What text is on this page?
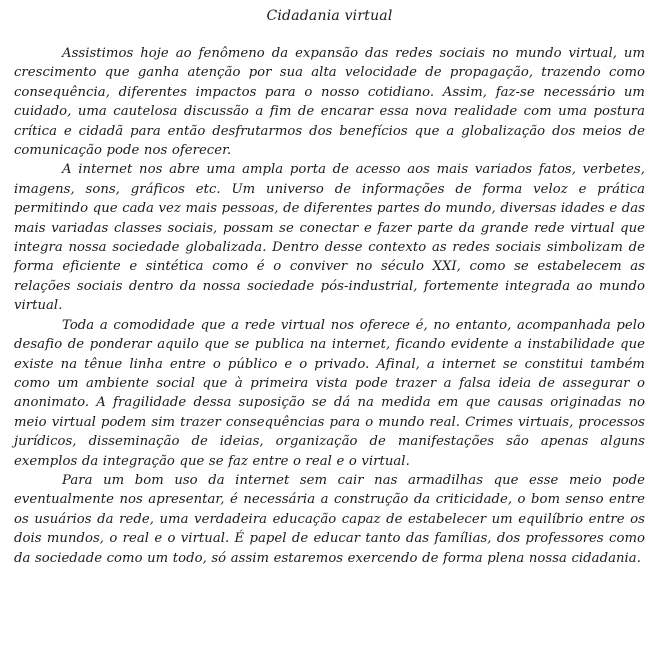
Cidadania virtual

Assistimos hoje ao fenômeno da expansão das redes sociais no mundo virtual, um crescimento que ganha atenção por sua alta velocidade de propagação, trazendo como consequência, diferentes impactos para o nosso cotidiano. Assim, faz-se necessário um cuidado, uma cautelosa discussão a fim de encarar essa nova realidade com uma postura crítica e cidadã para então desfrutarmos dos benefícios que a globalização dos meios de comunicação pode nos oferecer.

A internet nos abre uma ampla porta de acesso aos mais variados fatos, verbetes, imagens, sons, gráficos etc. Um universo de informações de forma veloz e prática permitindo que cada vez mais pessoas, de diferentes partes do mundo, diversas idades e das mais variadas classes sociais, possam se conectar e fazer parte da grande rede virtual que integra nossa sociedade globalizada. Dentro desse contexto as redes sociais simbolizam de forma eficiente e sintética como é o conviver no século XXI, como se estabelecem as relações sociais dentro da nossa sociedade pós-industrial, fortemente integrada ao mundo virtual.

Toda a comodidade que a rede virtual nos oferece é, no entanto, acompanhada pelo desafio de ponderar aquilo que se publica na internet, ficando evidente a instabilidade que existe na tênue linha entre o público e o privado. Afinal, a internet se constitui também como um ambiente social que à primeira vista pode trazer a falsa ideia de assegurar o anonimato. A fragilidade dessa suposição se dá na medida em que causas originadas no meio virtual podem sim trazer consequências para o mundo real. Crimes virtuais, processos jurídicos, disseminação de ideias, organização de manifestações são apenas alguns exemplos da integração que se faz entre o real e o virtual.

Para um bom uso da internet sem cair nas armadilhas que esse meio pode eventualmente nos apresentar, é necessária a construção da criticidade, o bom senso entre os usuários da rede, uma verdadeira educação capaz de estabelecer um equilíbrio entre os dois mundos, o real e o virtual. É papel de educar tanto das famílias, dos professores como da sociedade como um todo, só assim estaremos exercendo de forma plena nossa cidadania.
